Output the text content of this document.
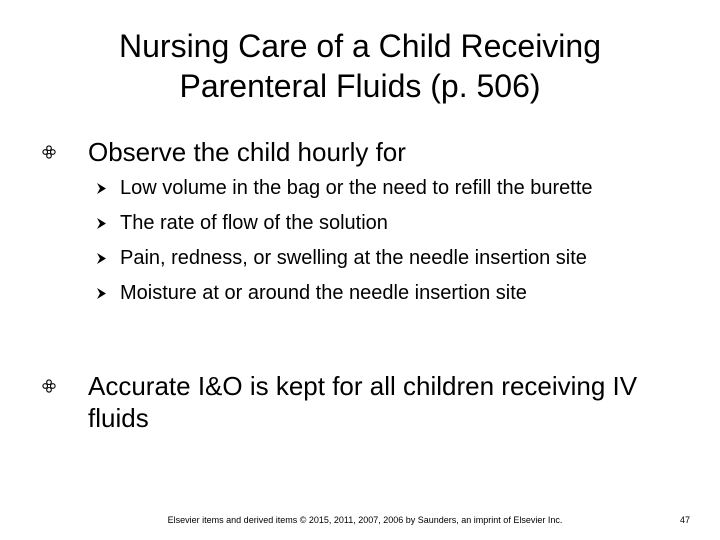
Nursing Care of a Child Receiving
Parenteral Fluids (p. 506)
Observe the child hourly for
Low volume in the bag or the need to refill the burette
The rate of flow of the solution
Pain, redness, or swelling at the needle insertion site
Moisture at or around the needle insertion site
Accurate I&O is kept for all children receiving IV fluids
Elsevier items and derived items © 2015, 2011, 2007, 2006 by Saunders, an imprint of Elsevier Inc.	47
